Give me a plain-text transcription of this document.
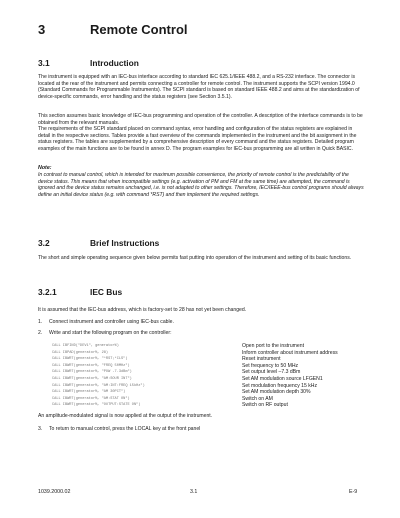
3	Remote Control
3.1	Introduction

The instrument is equipped with an IEC-bus interface according to standard IEC 625.1/IEEE 488.2, and a RS-232 interface. The connector is located at the rear of the instrument and permits connecting a controller for remote control. The instrument supports the SCPI version 1994.0 (Standard Commands for Programmable Instruments). The SCPI standard is based on standard IEEE 488.2 and aims at the standardization of device-specific commands, error handling and the status registers (see Section 3.5.1).

This section assumes basic knowledge of IEC-bus programming and operation of the controller. A description of the interface commands is to be obtained from the relevant manuals.

The requirements of the SCPI standard placed on command syntax, error handling and configuration of the status registers are explained in detail in the respective sections. Tables provide a fast overview of the commands implemented in the instrument and the bit assignment in the status registers. The tables are supplemented by a comprehensive description of every command and the status registers. Detailed program examples of the main functions are to be found in annex D. The program examples for IEC-bus programming are all written in Quick BASIC.

Note:

In contrast to manual control, which is intended for maximum possible convenience, the priority of remote control is the predictability of the device status. This means that when incompatible settings (e.g. activation of PM and FM at the same time) are attempted, the command is ignored and the device status remains unchanged, i.e. is not adapted to other settings. Therefore, IEC/IEEE-bus control programs should always define an initial device status (e.g. with command *RST) and then implement the required settings.

3.2	Brief Instructions

The short and simple operating sequence given below permits fast putting into operation of the instrument and setting of its basic functions.

3.2.1	IEC Bus

It is assumed that the IEC-bus address, which is factory-set to 28 has not yet been changed.

1.	Connect instrument and controller using IEC-bus cable.
2.	Write and start the following program on the controller:
CALL IBFIND("DEV1", generator%)	Open port to the instrument
CALL IBPAD(generator%, 28)	Inform controller about instrument address
CALL IBWRT(generator%, "*RST;*CLS")	Reset instrument
CALL IBWRT(generator%, "FREQ 50MHz")	Set frequency to 50 MHz
CALL IBWRT(generator%, "POW -7.3dBm")	Set output level –7.3 dBm
CALL IBWRT(generator%, "AM:SOUR INT")	Set AM modulation source LFGEN1
CALL IBWRT(generator%, "AM:INT:FREQ 15kHz")	Set modulation frequency 15 kHz
CALL IBWRT(generator%, "AM 30PCT")	Set AM modulation depth 30%
CALL IBWRT(generator%, "AM:STAT ON")	Switch on AM
CALL IBWRT(generator%, "OUTPUT:STATE ON")	Switch on RF output

An amplitude-modulated signal is now applied at the output of the instrument.

3.	To return to manual control, press the LOCAL key at the front panel
1039.2000.02	3.1	E-9
